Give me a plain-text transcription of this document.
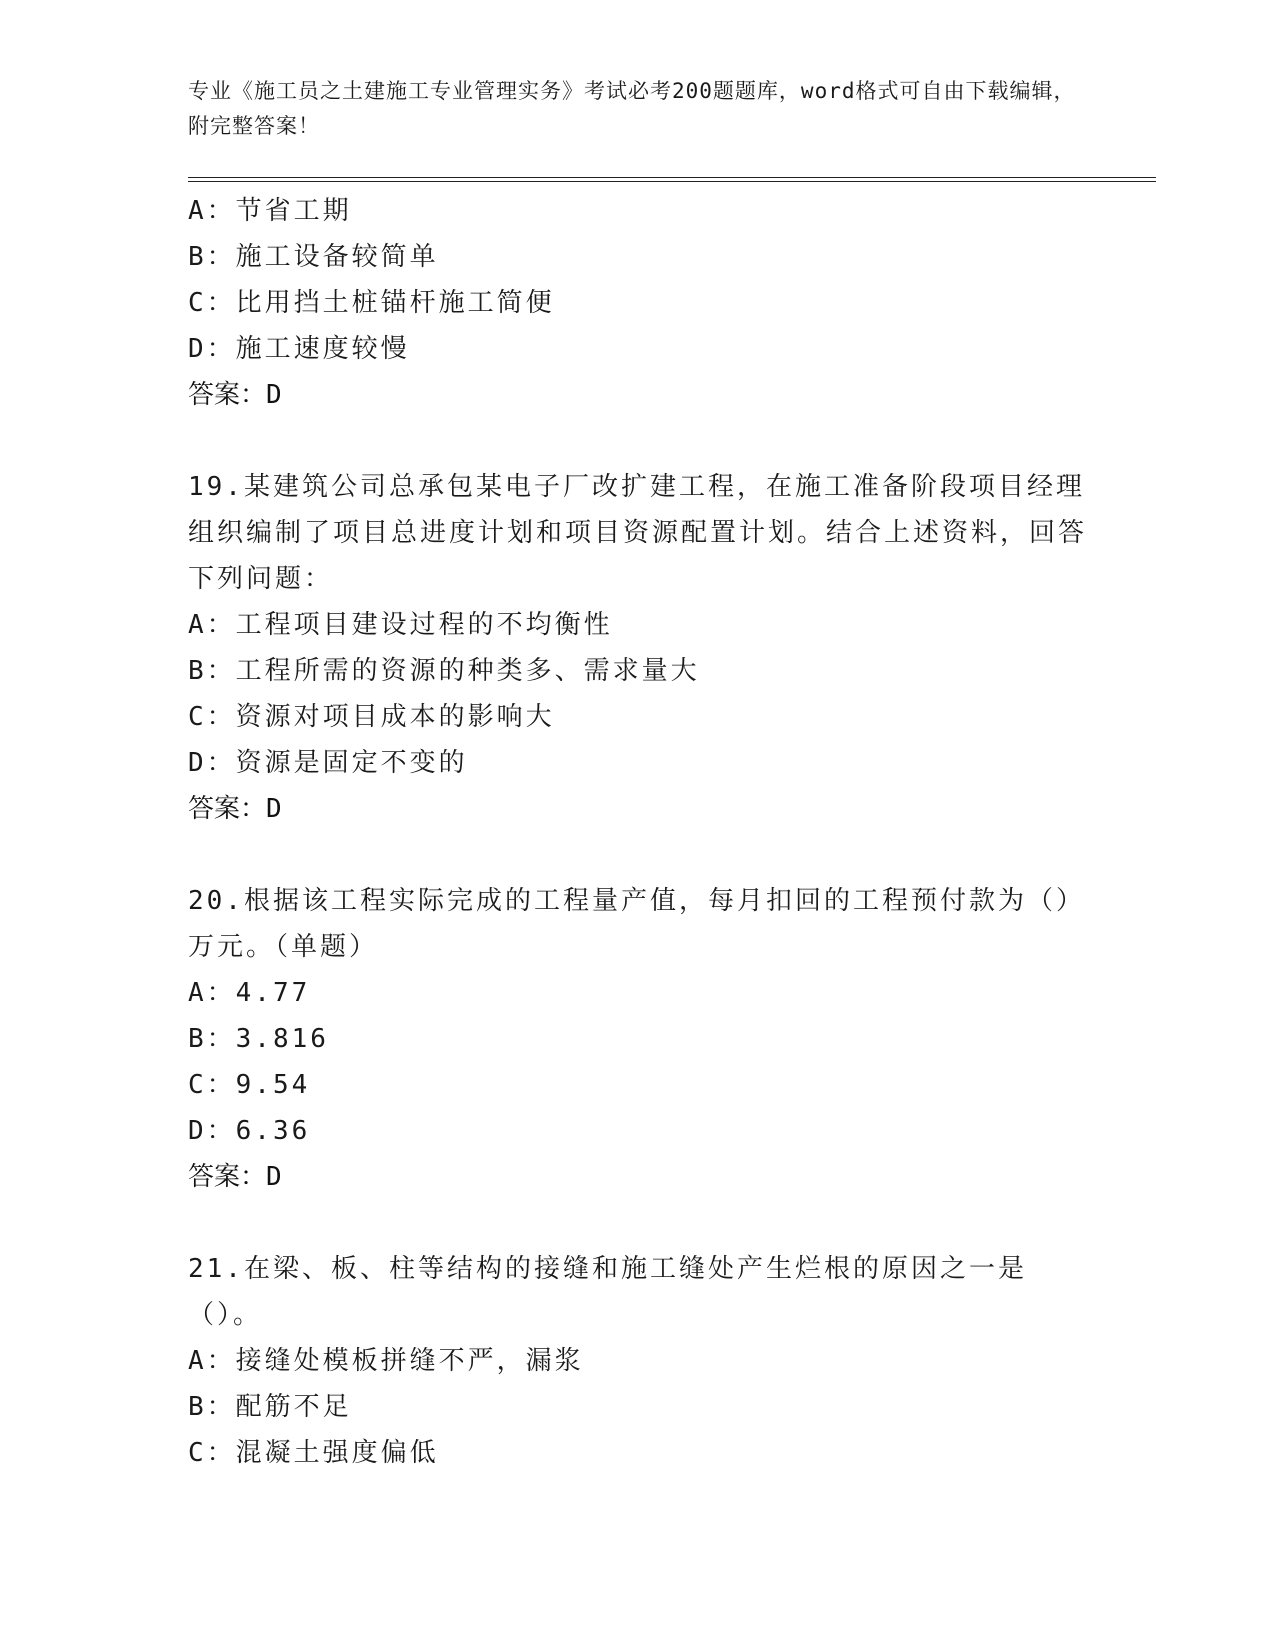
专业《施工员之土建施工专业管理实务》考试必考200题题库，word格式可自由下载编辑，附完整答案！
A：节省工期
B：施工设备较简单
C：比用挡土桩锚杆施工简便
D：施工速度较慢
答案：D
19.某建筑公司总承包某电子厂改扩建工程，在施工准备阶段项目经理组织编制了项目总进度计划和项目资源配置计划。结合上述资料，回答下列问题：
A：工程项目建设过程的不均衡性
B：工程所需的资源的种类多、需求量大
C：资源对项目成本的影响大
D：资源是固定不变的
答案：D
20.根据该工程实际完成的工程量产值，每月扣回的工程预付款为（）万元。（单题）
A：4.77
B：3.816
C：9.54
D：6.36
答案：D
21.在梁、板、柱等结构的接缝和施工缝处产生烂根的原因之一是（）。
A：接缝处模板拼缝不严，漏浆
B：配筋不足
C：混凝土强度偏低
